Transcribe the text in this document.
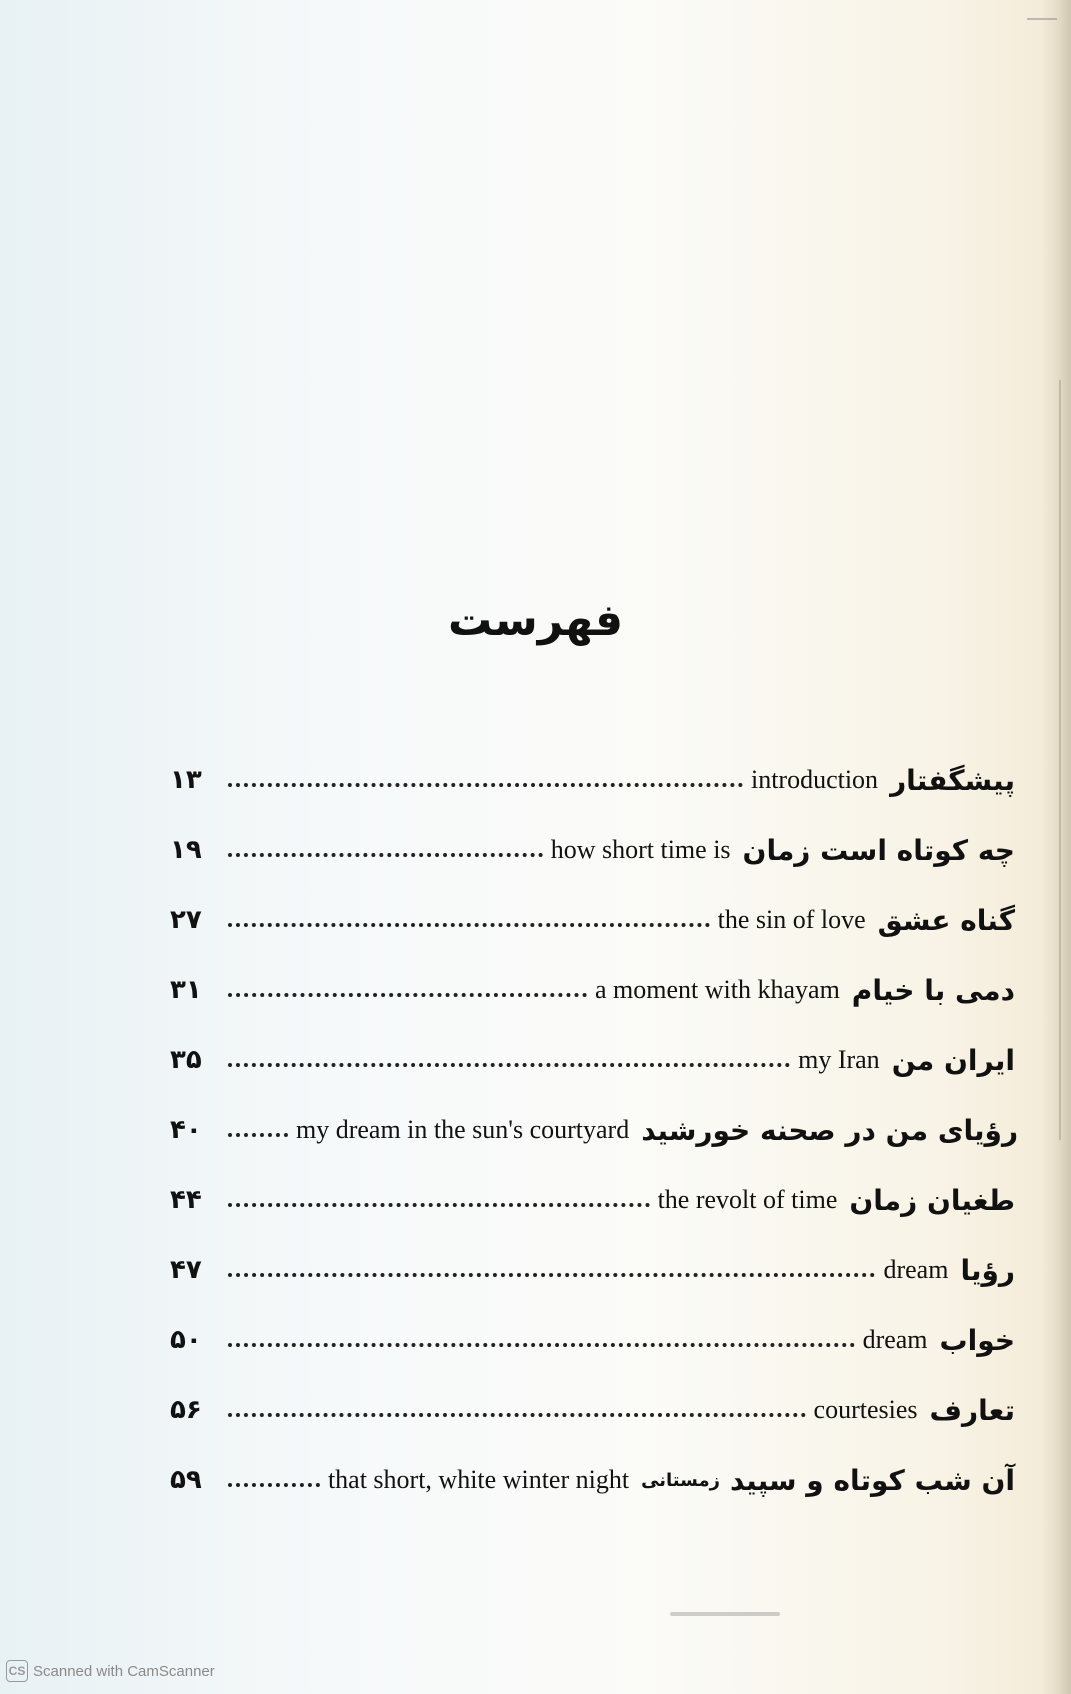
فهرست
۱۳	introduction پیشگفتار
۱۹	how short time is چه کوتاه است زمان
۲۷	the sin of love گناه عشق
۳۱	a moment with khayam دمی با خیام
۳۵	my Iran ایران من
۴۰	my dream in the sun's courtyard رؤیای من در صحنه خورشید
۴۴	the revolt of time طغیان زمان
۴۷	dream رؤیا
۵۰	dream خواب
۵۶	courtesies تعارف
۵۹	that short, white winter night زمستانی آن شب کوتاه و سپید
CS Scanned with CamScanner
